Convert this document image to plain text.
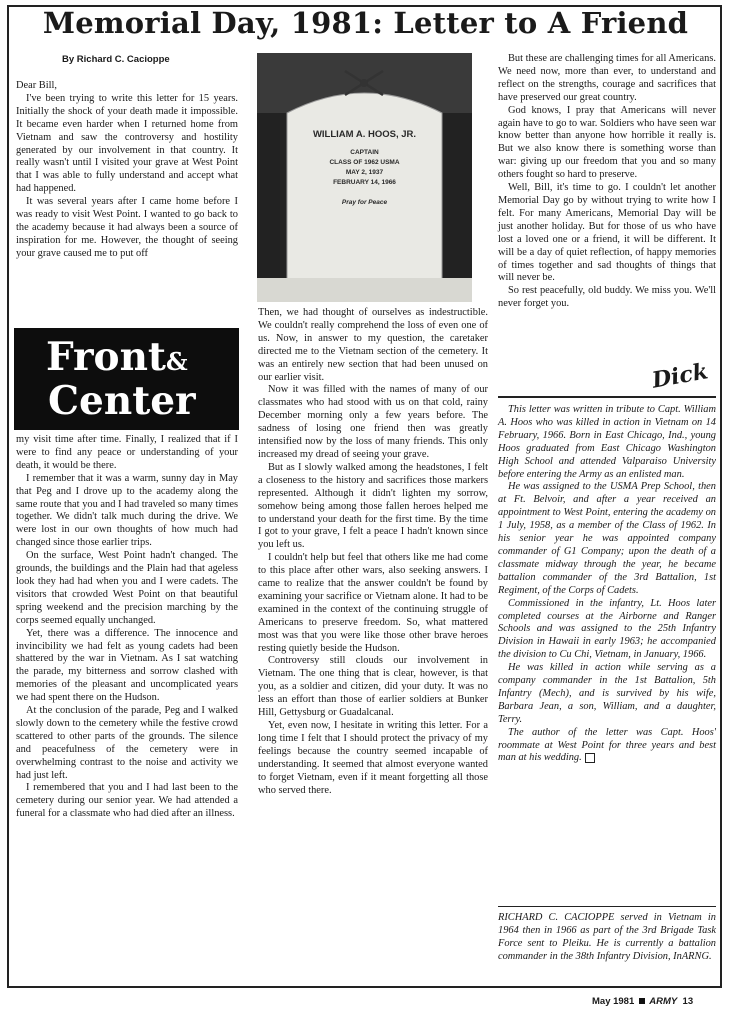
Memorial Day, 1981: Letter to A Friend
By Richard C. Cacioppe

Dear Bill,

I've been trying to write this letter for 15 years. Initially the shock of your death made it impossible. It became even harder when I returned home from Vietnam and saw the controversy and hostility generated by our involvement in that country. It really wasn't until I visited your grave at West Point that I was able to fully understand and accept what had happened.

It was several years after I came home before I was ready to visit West Point. I wanted to go back to the academy because it had always been a source of inspiration for me. However, the thought of seeing your grave caused me to put off

Front&
Center

my visit time after time. Finally, I realized that if I were to find any peace or understanding of your death, it would be there.

I remember that it was a warm, sunny day in May that Peg and I drove up to the academy along the same route that you and I had traveled so many times together. We didn't talk much during the drive. We were lost in our own thoughts of how much had changed since those earlier trips.

On the surface, West Point hadn't changed. The grounds, the buildings and the Plain had that ageless look they had had when you and I were cadets. The visitors that crowded West Point on that beautiful spring weekend and the precision marching by the corps seemed equally unchanged.

Yet, there was a difference. The innocence and invincibility we had felt as young cadets had been shattered by the war in Vietnam. As I sat watching the parade, my bitterness and sorrow clashed with memories of the pleasant and uncomplicated years we had spent there on the Hudson.

At the conclusion of the parade, Peg and I walked slowly down to the cemetery while the festive crowd scattered to other parts of the grounds. The silence and peacefulness of the cemetery were in overwhelming contrast to the noise and activity we had just left.

I remembered that you and I had last been to the cemetery during our senior year. We had attended a funeral for a classmate who had died after an illness.

WILLIAM A. HOOS, JR.
CAPTAIN
CLASS OF 1962 USMA
MAY 2, 1937
FEBRUARY 14, 1966
Pray for Peace

Then, we had thought of ourselves as indestructible. We couldn't really comprehend the loss of even one of us. Now, in answer to my question, the caretaker directed me to the Vietnam section of the cemetery. It was an entirely new section that had been unused on our earlier visit.

Now it was filled with the names of many of our classmates who had stood with us on that cold, rainy December morning only a few years before. The sadness of losing one friend then was greatly intensified now by the loss of many friends. This only increased my dread of seeing your grave.

But as I slowly walked among the headstones, I felt a closeness to the history and sacrifices those markers represented. Although it didn't lighten my sorrow, somehow being among those fallen heroes helped me to understand your death for the first time. By the time I got to your grave, I felt a peace I hadn't known since you left us.

I couldn't help but feel that others like me had come to this place after other wars, also seeking answers. I came to realize that the answer couldn't be found by examining your sacrifice or Vietnam alone. It had to be examined in the context of the continuing struggle of Americans to preserve freedom. So, what mattered most was that you were like those other brave heroes resting quietly beside the Hudson.

Controversy still clouds our involvement in Vietnam. The one thing that is clear, however, is that you, as a soldier and citizen, did your duty. It was no less an effort than those of earlier soldiers at Bunker Hill, Gettysburg or Guadalcanal.

Yet, even now, I hesitate in writing this letter. For a long time I felt that I should protect the privacy of my feelings because the country seemed incapable of understanding. It seemed that almost everyone wanted to forget Vietnam, even if it meant forgetting all those who served there.

But these are challenging times for all Americans. We need now, more than ever, to understand and reflect on the strengths, courage and sacrifices that have preserved our great country.

God knows, I pray that Americans will never again have to go to war. Soldiers who have seen war know better than anyone how horrible it really is. But we also know there is something worse than war: giving up our freedom that you and so many others fought so hard to preserve.

Well, Bill, it's time to go. I couldn't let another Memorial Day go by without trying to write how I felt. For many Americans, Memorial Day will be just another holiday. But for those of us who have lost a loved one or a friend, it will be different. It will be a day of quiet reflection, of happy memories of times together and sad thoughts of things that will never be.

So rest peacefully, old buddy. We miss you. We'll never forget you.

Dick

This letter was written in tribute to Capt. William A. Hoos who was killed in action in Vietnam on 14 February, 1966. Born in East Chicago, Ind., young Hoos graduated from East Chicago Washington High School and attended Valparaiso University before entering the Army as an enlisted man.

He was assigned to the USMA Prep School, then at Ft. Belvoir, and after a year received an appointment to West Point, entering the academy on 1 July, 1958, as a member of the Class of 1962. In his senior year he was appointed company commander of G1 Company; upon the death of a classmate midway through the year, he became battalion commander of the 3rd Battalion, 1st Regiment, of the Corps of Cadets.

Commissioned in the infantry, Lt. Hoos later completed courses at the Airborne and Ranger Schools and was assigned to the 25th Infantry Division in Hawaii in early 1963; he accompanied the division to Cu Chi, Vietnam, in January, 1966.

He was killed in action while serving as a company commander in the 1st Battalion, 5th Infantry (Mech), and is survived by his wife, Barbara Jean, a son, William, and a daughter, Terry.

The author of the letter was Capt. Hoos' roommate at West Point for three years and best man at his wedding.

RICHARD C. CACIOPPE served in Vietnam in 1964 then in 1966 as part of the 3rd Brigade Task Force sent to Pleiku. He is currently a battalion commander in the 38th Infantry Division, InARNG.

May 1981 ARMY 13
